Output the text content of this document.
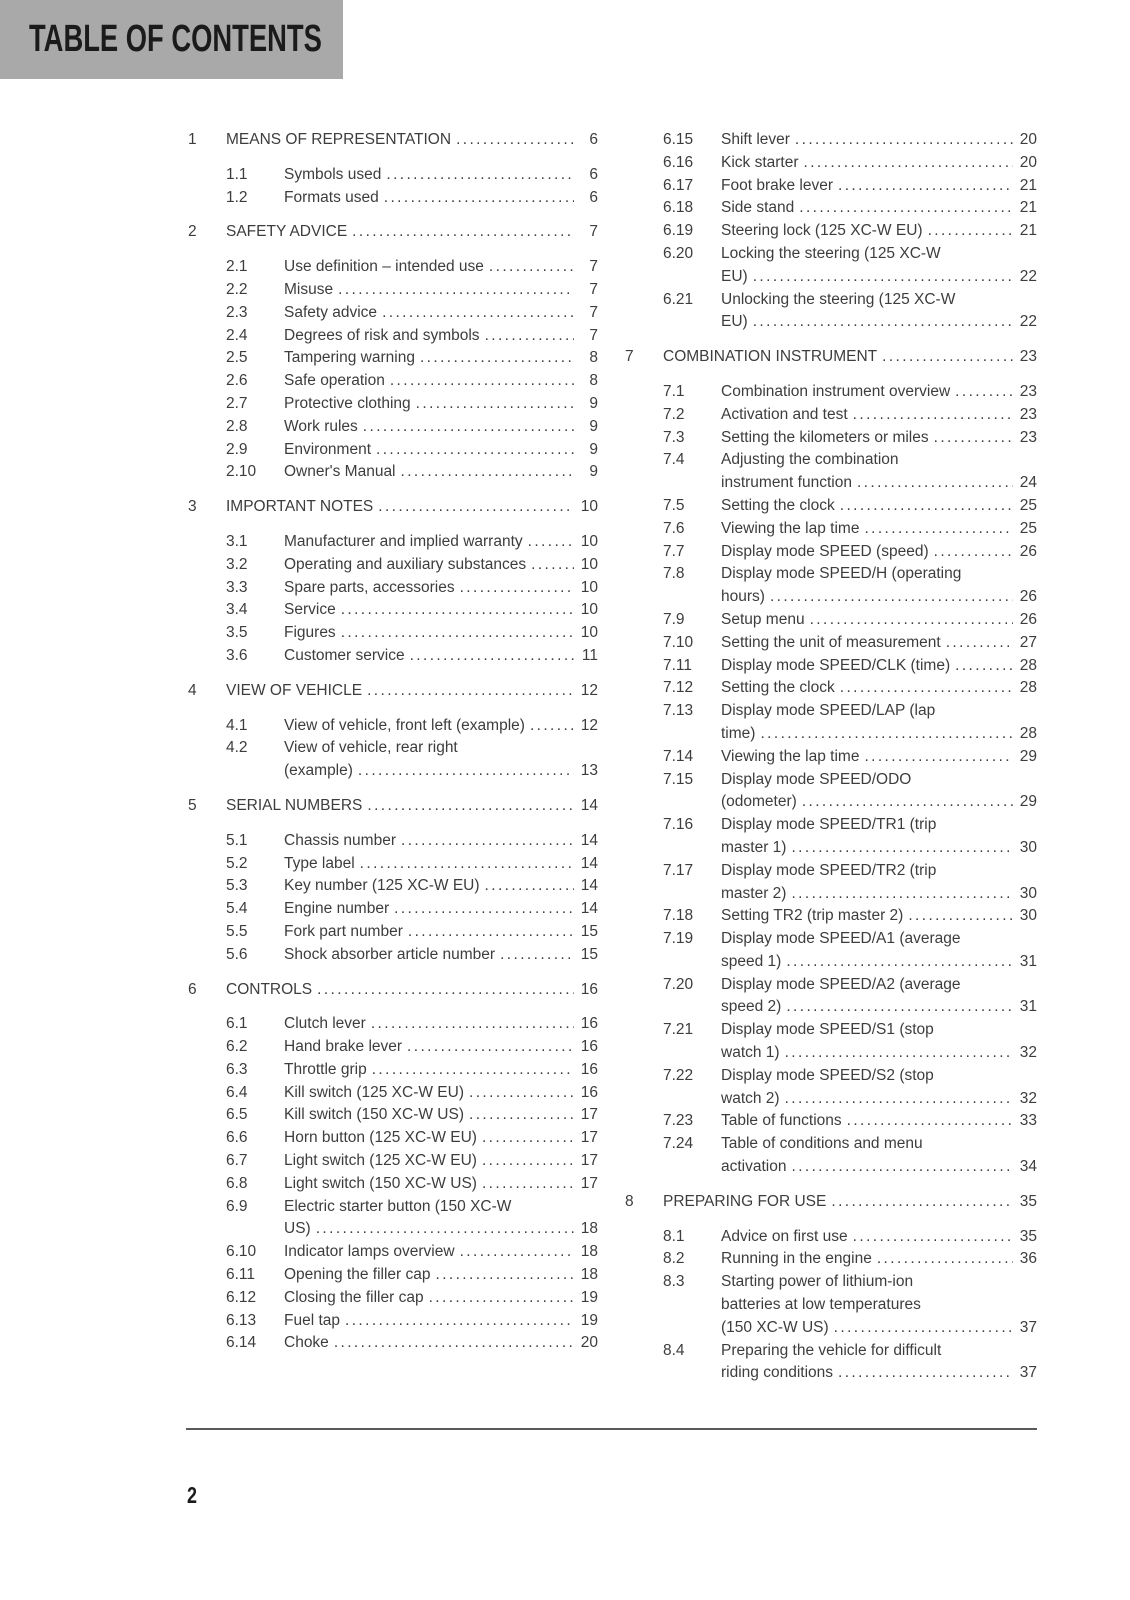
TABLE OF CONTENTS
1	MEANS OF REPRESENTATION .....	6
1.1	Symbols used .....	6
1.2	Formats used .....	6
2	SAFETY ADVICE .....	7
2.1	Use definition – intended use .....	7
2.2	Misuse .....	7
2.3	Safety advice .....	7
2.4	Degrees of risk and symbols .....	7
2.5	Tampering warning .....	8
2.6	Safe operation .....	8
2.7	Protective clothing .....	9
2.8	Work rules .....	9
2.9	Environment .....	9
2.10	Owner's Manual .....	9
3	IMPORTANT NOTES .....	10
3.1	Manufacturer and implied warranty .....	10
3.2	Operating and auxiliary substances .....	10
3.3	Spare parts, accessories .....	10
3.4	Service .....	10
3.5	Figures .....	10
3.6	Customer service .....	11
4	VIEW OF VEHICLE .....	12
4.1	View of vehicle, front left (example) .....	12
4.2	View of vehicle, rear right
(example) .....	13
5	SERIAL NUMBERS .....	14
5.1	Chassis number .....	14
5.2	Type label .....	14
5.3	Key number (125 XC-W EU) .....	14
5.4	Engine number .....	14
5.5	Fork part number .....	15
5.6	Shock absorber article number .....	15
6	CONTROLS .....	16
6.1	Clutch lever .....	16
6.2	Hand brake lever .....	16
6.3	Throttle grip .....	16
6.4	Kill switch (125 XC-W EU) .....	16
6.5	Kill switch (150 XC-W US) .....	17
6.6	Horn button (125 XC-W EU) .....	17
6.7	Light switch (125 XC-W EU) .....	17
6.8	Light switch (150 XC-W US) .....	17
6.9	Electric starter button (150 XC-W
US) .....	18
6.10	Indicator lamps overview .....	18
6.11	Opening the filler cap .....	18
6.12	Closing the filler cap .....	19
6.13	Fuel tap .....	19
6.14	Choke .....	20
6.15	Shift lever .....	20
6.16	Kick starter .....	20
6.17	Foot brake lever .....	21
6.18	Side stand .....	21
6.19	Steering lock (125 XC-W EU) .....	21
6.20	Locking the steering (125 XC-W
EU) .....	22
6.21	Unlocking the steering (125 XC-W
EU) .....	22
7	COMBINATION INSTRUMENT .....	23
7.1	Combination instrument overview .....	23
7.2	Activation and test .....	23
7.3	Setting the kilometers or miles .....	23
7.4	Adjusting the combination
instrument function .....	24
7.5	Setting the clock .....	25
7.6	Viewing the lap time .....	25
7.7	Display mode SPEED (speed) .....	26
7.8	Display mode SPEED/H (operating
hours) .....	26
7.9	Setup menu .....	26
7.10	Setting the unit of measurement .....	27
7.11	Display mode SPEED/CLK (time) .....	28
7.12	Setting the clock .....	28
7.13	Display mode SPEED/LAP (lap
time) .....	28
7.14	Viewing the lap time .....	29
7.15	Display mode SPEED/ODO
(odometer) .....	29
7.16	Display mode SPEED/TR1 (trip
master 1) .....	30
7.17	Display mode SPEED/TR2 (trip
master 2) .....	30
7.18	Setting TR2 (trip master 2) .....	30
7.19	Display mode SPEED/A1 (average
speed 1) .....	31
7.20	Display mode SPEED/A2 (average
speed 2) .....	31
7.21	Display mode SPEED/S1 (stop
watch 1) .....	32
7.22	Display mode SPEED/S2 (stop
watch 2) .....	32
7.23	Table of functions .....	33
7.24	Table of conditions and menu
activation .....	34
8	PREPARING FOR USE .....	35
8.1	Advice on first use .....	35
8.2	Running in the engine .....	36
8.3	Starting power of lithium-ion
batteries at low temperatures
(150 XC-W US) .....	37
8.4	Preparing the vehicle for difficult
riding conditions .....	37
2
